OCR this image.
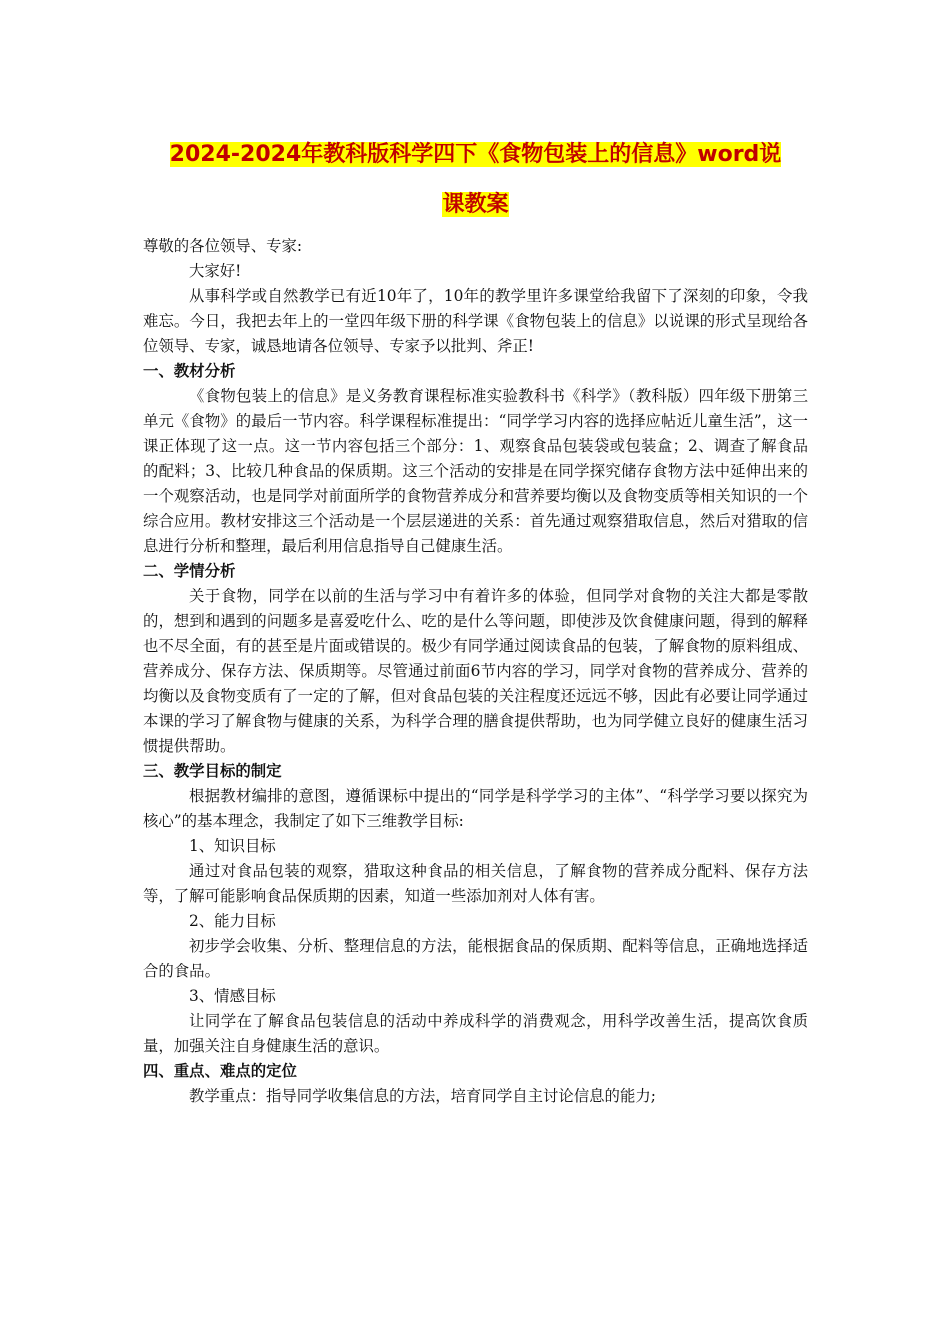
2024-2024年教科版科学四下《食物包装上的信息》word说
课教案

尊敬的各位领导、专家:

大家好!

从事科学或自然教学已有近10年了，10年的教学里许多课堂给我留下了深刻的印象，令我难忘。今日，我把去年上的一堂四年级下册的科学课《食物包装上的信息》以说课的形式呈现给各位领导、专家，诚恳地请各位领导、专家予以批判、斧正!

一、教材分析

《食物包装上的信息》是义务教育课程标准实验教科书《科学》（教科版）四年级下册第三单元《食物》的最后一节内容。科学课程标准提出：“同学学习内容的选择应帖近儿童生活”，这一课正体现了这一点。这一节内容包括三个部分：1、观察食品包装袋或包装盒；2、调查了解食品的配料；3、比较几种食品的保质期。这三个活动的安排是在同学探究储存食物方法中延伸出来的一个观察活动，也是同学对前面所学的食物营养成分和营养要均衡以及食物变质等相关知识的一个综合应用。教材安排这三个活动是一个层层递进的关系：首先通过观察猎取信息，然后对猎取的信息进行分析和整理，最后利用信息指导自己健康生活。

二、学情分析

关于食物，同学在以前的生活与学习中有着许多的体验，但同学对食物的关注大都是零散的，想到和遇到的问题多是喜爱吃什么、吃的是什么等问题，即使涉及饮食健康问题，得到的解释也不尽全面，有的甚至是片面或错误的。极少有同学通过阅读食品的包装，了解食物的原料组成、营养成分、保存方法、保质期等。尽管通过前面6节内容的学习，同学对食物的营养成分、营养的均衡以及食物变质有了一定的了解，但对食品包装的关注程度还远远不够，因此有必要让同学通过本课的学习了解食物与健康的关系，为科学合理的膳食提供帮助，也为同学健立良好的健康生活习惯提供帮助。

三、教学目标的制定

根据教材编排的意图，遵循课标中提出的“同学是科学学习的主体”、“科学学习要以探究为核心”的基本理念，我制定了如下三维教学目标:

1、知识目标

通过对食品包装的观察，猎取这种食品的相关信息，了解食物的营养成分配料、保存方法等，了解可能影响食品保质期的因素，知道一些添加剂对人体有害。

2、能力目标

初步学会收集、分析、整理信息的方法，能根据食品的保质期、配料等信息，正确地选择适合的食品。

3、情感目标

让同学在了解食品包装信息的活动中养成科学的消费观念，用科学改善生活，提高饮食质量，加强关注自身健康生活的意识。

四、重点、难点的定位

教学重点：指导同学收集信息的方法，培育同学自主讨论信息的能力;
